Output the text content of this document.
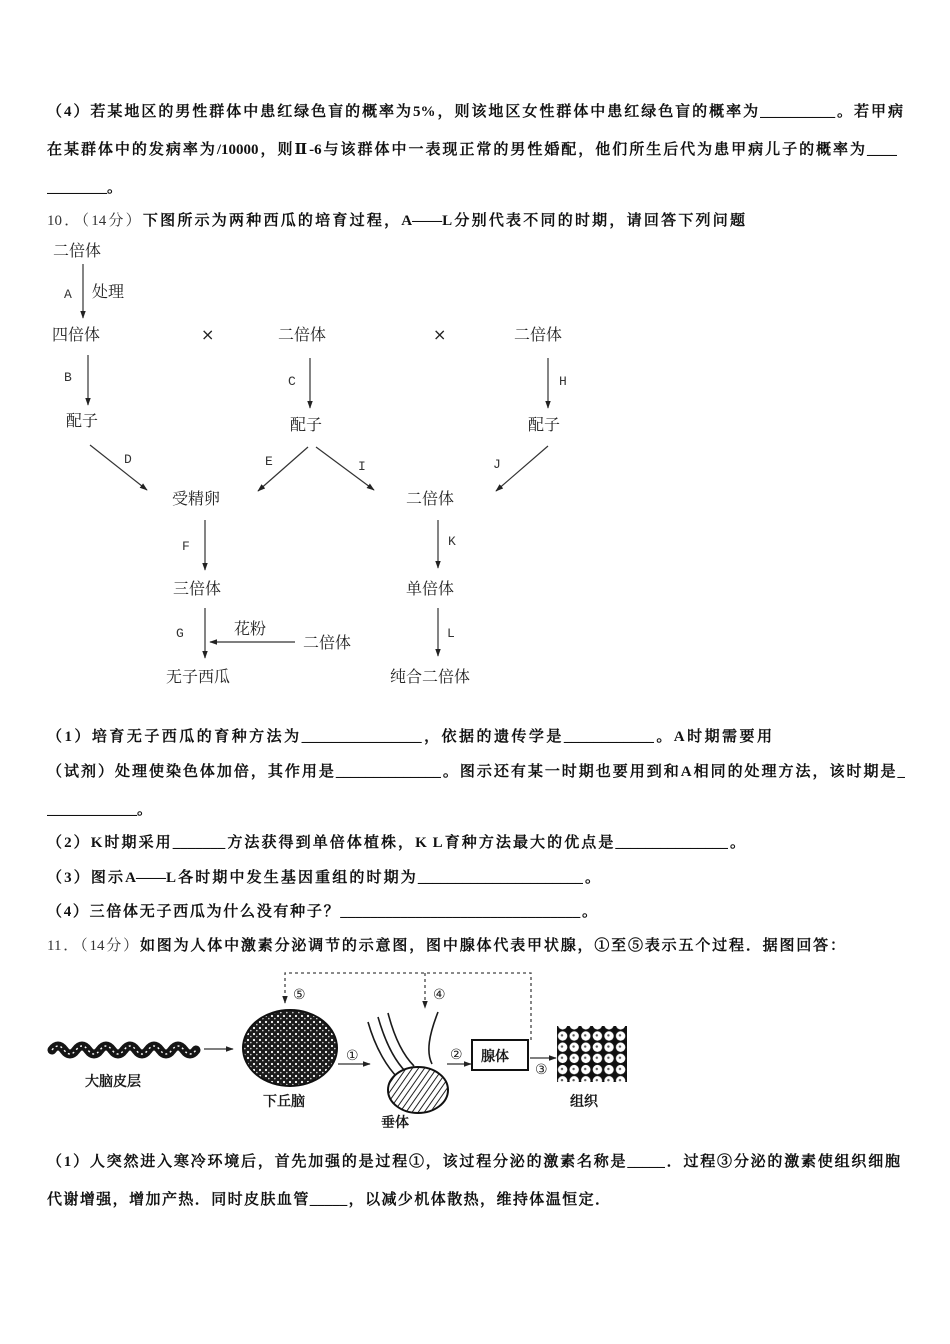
（4）若某地区的男性群体中患红绿色盲的概率为5%，则该地区女性群体中患红绿色盲的概率为__________。若甲病
在某群体中的发病率为/10000，则Ⅱ-6与该群体中一表现正常的男性婚配，他们所生后代为患甲病儿子的概率为____
________。
10．（14分）下图所示为两种西瓜的培育过程，A——L分别代表不同的时期，请回答下列问题
二倍体
A 处理
四倍体	×	二倍体	×	二倍体
B	C	H
配子	配子	配子
D	E	I	J
受精卵	二倍体
F	K
三倍体	单倍体
G	花粉
二倍体	L
无子西瓜	纯合二倍体
（1）培育无子西瓜的育种方法为________________，依据的遗传学是____________。A时期需要用
（试剂）处理使染色体加倍，其作用是______________。图示还有某一时期也要用到和A相同的处理方法，该时期是_
____________。
（2）K时期采用_______方法获得到单倍体植株，K L育种方法最大的优点是_______________。
（3）图示A——L各时期中发生基因重组的时期为______________________。
（4）三倍体无子西瓜为什么没有种子？________________________________。
11．（14分）如图为人体中激素分泌调节的示意图，图中腺体代表甲状腺，①至⑤表示五个过程．据图回答：
⑤	④
大脑皮层
下丘脑
①
垂体
② 腺体
③
组织
（1）人突然进入寒冷环境后，首先加强的是过程①，该过程分泌的激素名称是_____．过程③分泌的激素使组织细胞
代谢增强，增加产热．同时皮肤血管_____，以减少机体散热，维持体温恒定．
